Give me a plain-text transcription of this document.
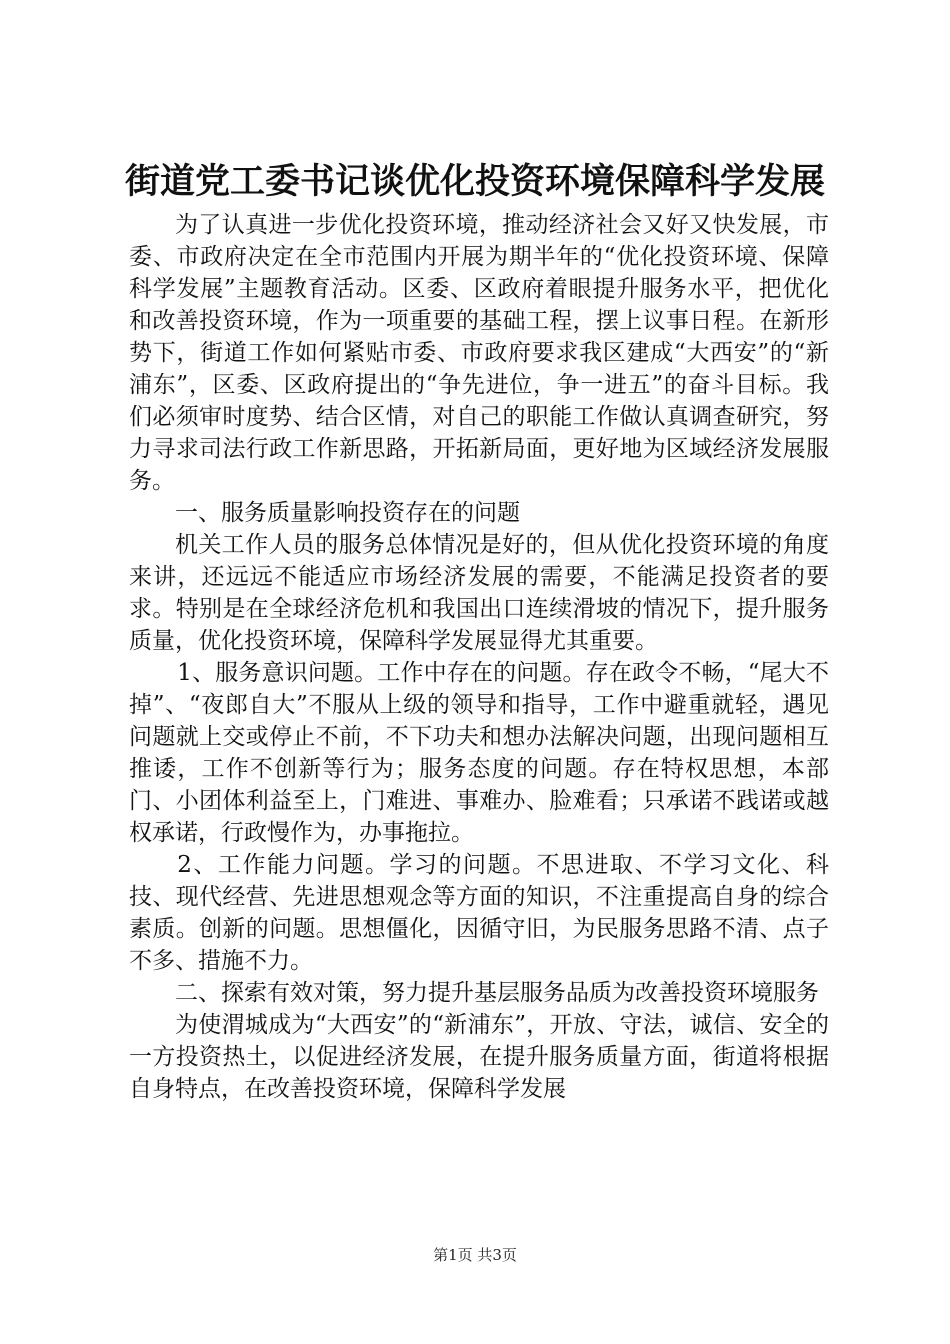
街道党工委书记谈优化投资环境保障科学发展

为了认真进一步优化投资环境，推动经济社会又好又快发展，市委、市政府决定在全市范围内开展为期半年的“优化投资环境、保障科学发展”主题教育活动。区委、区政府着眼提升服务水平，把优化和改善投资环境，作为一项重要的基础工程，摆上议事日程。在新形势下，街道工作如何紧贴市委、市政府要求我区建成“大西安”的“新浦东”，区委、区政府提出的“争先进位，争一进五”的奋斗目标。我们必须审时度势、结合区情，对自己的职能工作做认真调查研究，努力寻求司法行政工作新思路，开拓新局面，更好地为区域经济发展服务。

一、服务质量影响投资存在的问题

机关工作人员的服务总体情况是好的，但从优化投资环境的角度来讲，还远远不能适应市场经济发展的需要，不能满足投资者的要求。特别是在全球经济危机和我国出口连续滑坡的情况下，提升服务质量，优化投资环境，保障科学发展显得尤其重要。

1、服务意识问题。工作中存在的问题。存在政令不畅，“尾大不掉”、“夜郎自大”不服从上级的领导和指导，工作中避重就轻，遇见问题就上交或停止不前，不下功夫和想办法解决问题，出现问题相互推诿，工作不创新等行为；服务态度的问题。存在特权思想，本部门、小团体利益至上，门难进、事难办、脸难看；只承诺不践诺或越权承诺，行政慢作为，办事拖拉。

2、工作能力问题。学习的问题。不思进取、不学习文化、科技、现代经营、先进思想观念等方面的知识，不注重提高自身的综合素质。创新的问题。思想僵化，因循守旧，为民服务思路不清、点子不多、措施不力。

二、探索有效对策，努力提升基层服务品质为改善投资环境服务

为使渭城成为“大西安”的“新浦东”，开放、守法，诚信、安全的一方投资热土，以促进经济发展，在提升服务质量方面，街道将根据自身特点，在改善投资环境，保障科学发展

第1页 共3页
